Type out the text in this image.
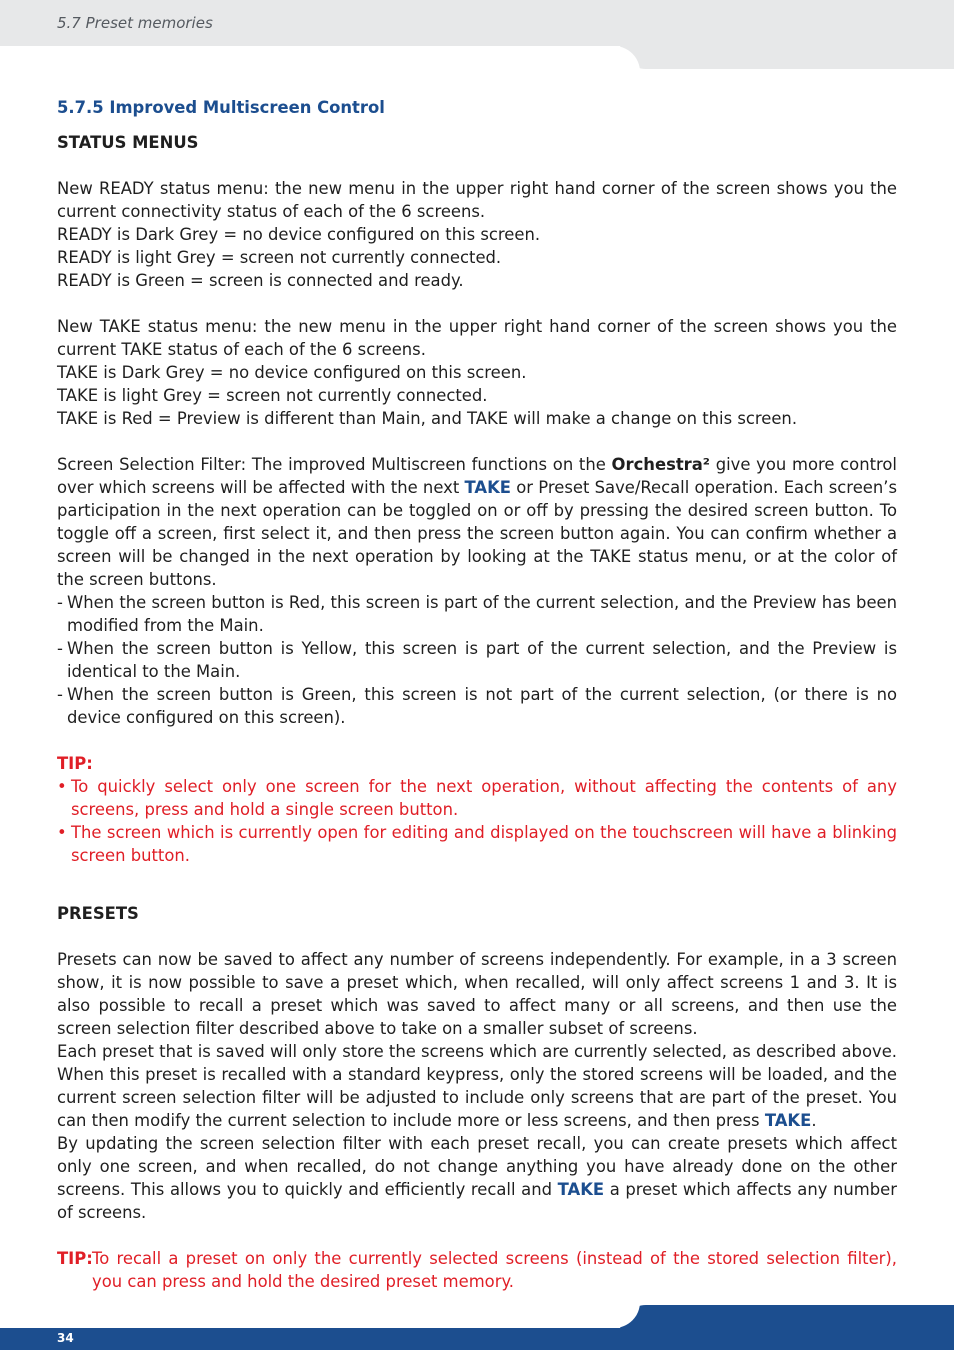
5.7 Preset memories

5.7.5 Improved Multiscreen Control

STATUS MENUS

New READY status menu: the new menu in the upper right hand corner of the screen shows you the current connectivity status of each of the 6 screens.

READY is Dark Grey = no device configured on this screen.

READY is light Grey = screen not currently connected.

READY is Green = screen is connected and ready.

New TAKE status menu: the new menu in the upper right hand corner of the screen shows you the current TAKE status of each of the 6 screens.

TAKE is Dark Grey = no device configured on this screen.

TAKE is light Grey = screen not currently connected.

TAKE is Red = Preview is different than Main, and TAKE will make a change on this screen.

Screen Selection Filter: The improved Multiscreen functions on the Orchestra² give you more control over which screens will be affected with the next TAKE or Preset Save/Recall operation. Each screen’s participation in the next operation can be toggled on or off by pressing the desired screen button. To toggle off a screen, first select it, and then press the screen button again. You can confirm whether a screen will be changed in the next operation by looking at the TAKE status menu, or at the color of the screen buttons.

- When the screen button is Red, this screen is part of the current selection, and the Preview has been modified from the Main.
- When the screen button is Yellow, this screen is part of the current selection, and the Preview is identical to the Main.
- When the screen button is Green, this screen is not part of the current selection, (or there is no device configured on this screen).

TIP:

• To quickly select only one screen for the next operation, without affecting the contents of any screens, press and hold a single screen button.
• The screen which is currently open for editing and displayed on the touchscreen will have a blinking screen button.

PRESETS

Presets can now be saved to affect any number of screens independently. For example, in a 3 screen show, it is now possible to save a preset which, when recalled, will only affect screens 1 and 3. It is also possible to recall a preset which was saved to affect many or all screens, and then use the screen selection filter described above to take on a smaller subset of screens.

Each preset that is saved will only store the screens which are currently selected, as described above. When this preset is recalled with a standard keypress, only the stored screens will be loaded, and the current screen selection filter will be adjusted to include only screens that are part of the preset. You can then modify the current selection to include more or less screens, and then press TAKE.

By updating the screen selection filter with each preset recall, you can create presets which affect only one screen, and when recalled, do not change anything you have already done on the other screens. This allows you to quickly and efficiently recall and TAKE a preset which affects any number of screens.

TIP: To recall a preset on only the currently selected screens (instead of the stored selection filter), you can press and hold the desired preset memory.
34
